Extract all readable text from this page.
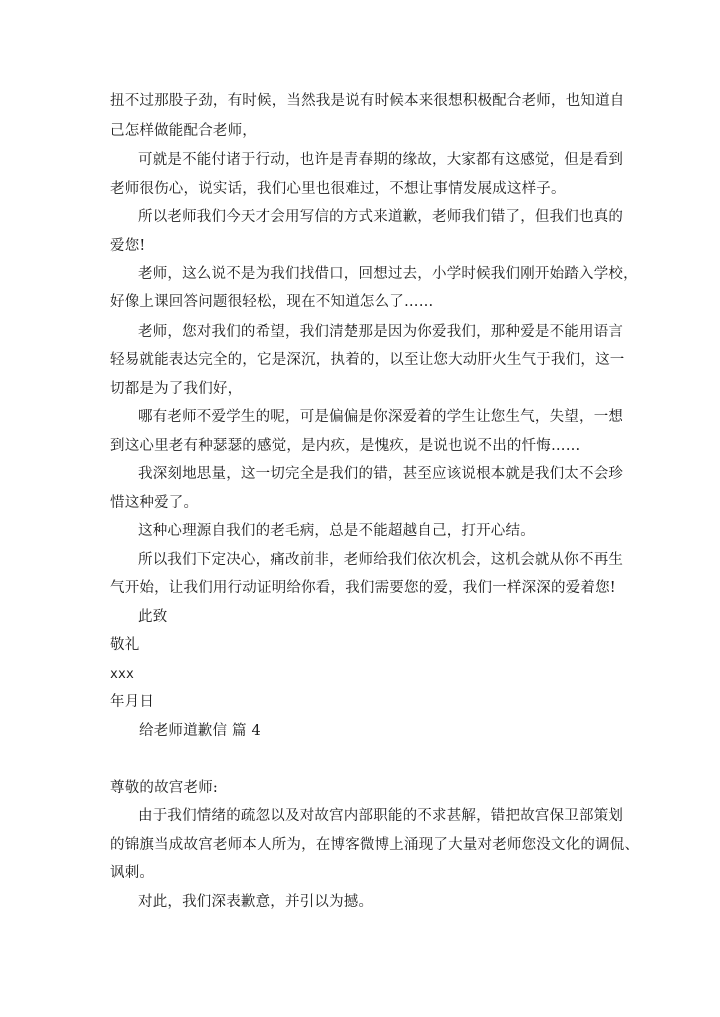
扭不过那股子劲，有时候，当然我是说有时候本来很想积极配合老师，也知道自
己怎样做能配合老师，
可就是不能付诸于行动，也许是青春期的缘故，大家都有这感觉，但是看到
老师很伤心，说实话，我们心里也很难过，不想让事情发展成这样子。
所以老师我们今天才会用写信的方式来道歉，老师我们错了，但我们也真的
爱您!
老师，这么说不是为我们找借口，回想过去，小学时候我们刚开始踏入学校，
好像上课回答问题很轻松，现在不知道怎么了……
老师，您对我们的希望，我们清楚那是因为你爱我们，那种爱是不能用语言
轻易就能表达完全的，它是深沉，执着的，以至让您大动肝火生气于我们，这一
切都是为了我们好，
哪有老师不爱学生的呢，可是偏偏是你深爱着的学生让您生气，失望，一想
到这心里老有种瑟瑟的感觉，是内疚，是愧疚，是说也说不出的忏悔……
我深刻地思量，这一切完全是我们的错，甚至应该说根本就是我们太不会珍
惜这种爱了。
这种心理源自我们的老毛病，总是不能超越自己，打开心结。
所以我们下定决心，痛改前非，老师给我们依次机会，这机会就从你不再生
气开始，让我们用行动证明给你看，我们需要您的爱，我们一样深深的爱着您!
此致
敬礼
xxx
年月日
给老师道歉信 篇 4
尊敬的故宫老师:
由于我们情绪的疏忽以及对故宫内部职能的不求甚解，错把故宫保卫部策划
的锦旗当成故宫老师本人所为，在博客微博上涌现了大量对老师您没文化的调侃、
讽刺。
对此，我们深表歉意，并引以为撼。
